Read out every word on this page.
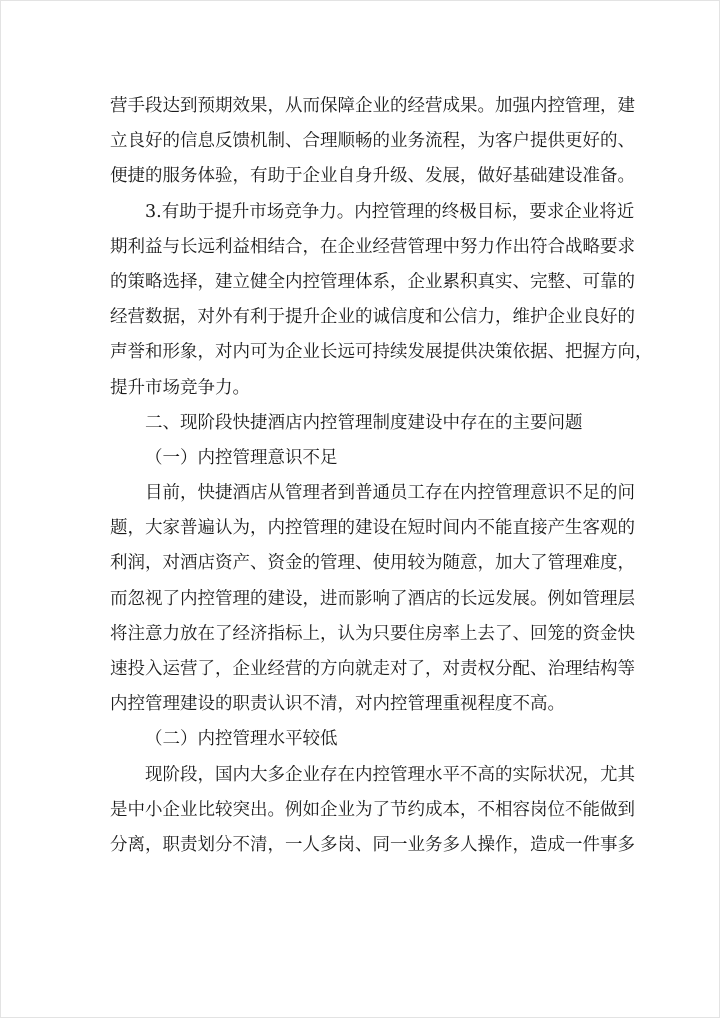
营手段达到预期效果，从而保障企业的经营成果。加强内控管理，建
立良好的信息反馈机制、合理顺畅的业务流程，为客户提供更好的、
便捷的服务体验，有助于企业自身升级、发展，做好基础建设准备。
3.有助于提升市场竞争力。内控管理的终极目标，要求企业将近
期利益与长远利益相结合，在企业经营管理中努力作出符合战略要求
的策略选择，建立健全内控管理体系，企业累积真实、完整、可靠的
经营数据，对外有利于提升企业的诚信度和公信力，维护企业良好的
声誉和形象，对内可为企业长远可持续发展提供决策依据、把握方向，
提升市场竞争力。
二、现阶段快捷酒店内控管理制度建设中存在的主要问题
（一）内控管理意识不足
目前，快捷酒店从管理者到普通员工存在内控管理意识不足的问
题，大家普遍认为，内控管理的建设在短时间内不能直接产生客观的
利润，对酒店资产、资金的管理、使用较为随意，加大了管理难度，
而忽视了内控管理的建设，进而影响了酒店的长远发展。例如管理层
将注意力放在了经济指标上，认为只要住房率上去了、回笼的资金快
速投入运营了，企业经营的方向就走对了，对责权分配、治理结构等
内控管理建设的职责认识不清，对内控管理重视程度不高。
（二）内控管理水平较低
现阶段，国内大多企业存在内控管理水平不高的实际状况，尤其
是中小企业比较突出。例如企业为了节约成本，不相容岗位不能做到
分离，职责划分不清，一人多岗、同一业务多人操作，造成一件事多
